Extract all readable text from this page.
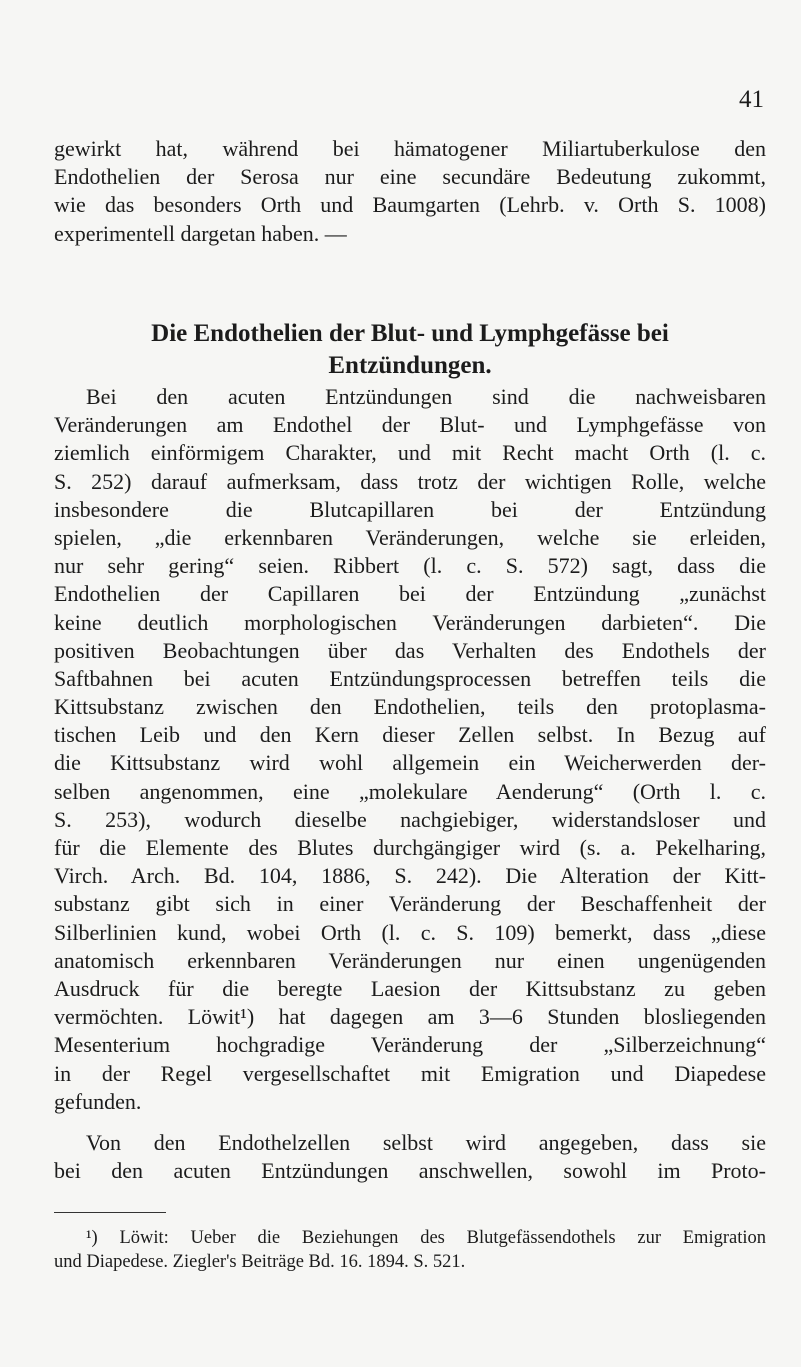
41
gewirkt hat, während bei hämatogener Miliartuberkulose den
Endothelien der Serosa nur eine secundäre Bedeutung zukommt,
wie das besonders Orth und Baumgarten (Lehrb. v. Orth S. 1008)
experimentell dargetan haben. —
Die Endothelien der Blut- und Lymphgefässe bei
Entzündungen.
Bei den acuten Entzündungen sind die nachweisbaren
Veränderungen am Endothel der Blut- und Lymphgefässe von
ziemlich einförmigem Charakter, und mit Recht macht Orth (l. c.
S. 252) darauf aufmerksam, dass trotz der wichtigen Rolle, welche
insbesondere die Blutcapillaren bei der Entzündung
spielen, „die erkennbaren Veränderungen, welche sie erleiden,
nur sehr gering“ seien. Ribbert (l. c. S. 572) sagt, dass die
Endothelien der Capillaren bei der Entzündung „zunächst
keine deutlich morphologischen Veränderungen darbieten“. Die
positiven Beobachtungen über das Verhalten des Endothels der
Saftbahnen bei acuten Entzündungsprocessen betreffen teils die
Kittsubstanz zwischen den Endothelien, teils den protoplasma-
tischen Leib und den Kern dieser Zellen selbst. In Bezug auf
die Kittsubstanz wird wohl allgemein ein Weicherwerden der-
selben angenommen, eine „molekulare Aenderung“ (Orth l. c.
S. 253), wodurch dieselbe nachgiebiger, widerstandsloser und
für die Elemente des Blutes durchgängiger wird (s. a. Pekelharing,
Virch. Arch. Bd. 104, 1886, S. 242). Die Alteration der Kitt-
substanz gibt sich in einer Veränderung der Beschaffenheit der
Silberlinien kund, wobei Orth (l. c. S. 109) bemerkt, dass „diese
anatomisch erkennbaren Veränderungen nur einen ungenügenden
Ausdruck für die beregte Laesion der Kittsubstanz zu geben
vermöchten. Löwit¹) hat dagegen am 3—6 Stunden blosliegenden
Mesenterium hochgradige Veränderung der „Silberzeichnung“
in der Regel vergesellschaftet mit Emigration und Diapedese
gefunden.
Von den Endothelzellen selbst wird angegeben, dass sie
bei den acuten Entzündungen anschwellen, sowohl im Proto-
¹) Löwit: Ueber die Beziehungen des Blutgefässendothels zur Emigration
und Diapedese. Ziegler's Beiträge Bd. 16. 1894. S. 521.
